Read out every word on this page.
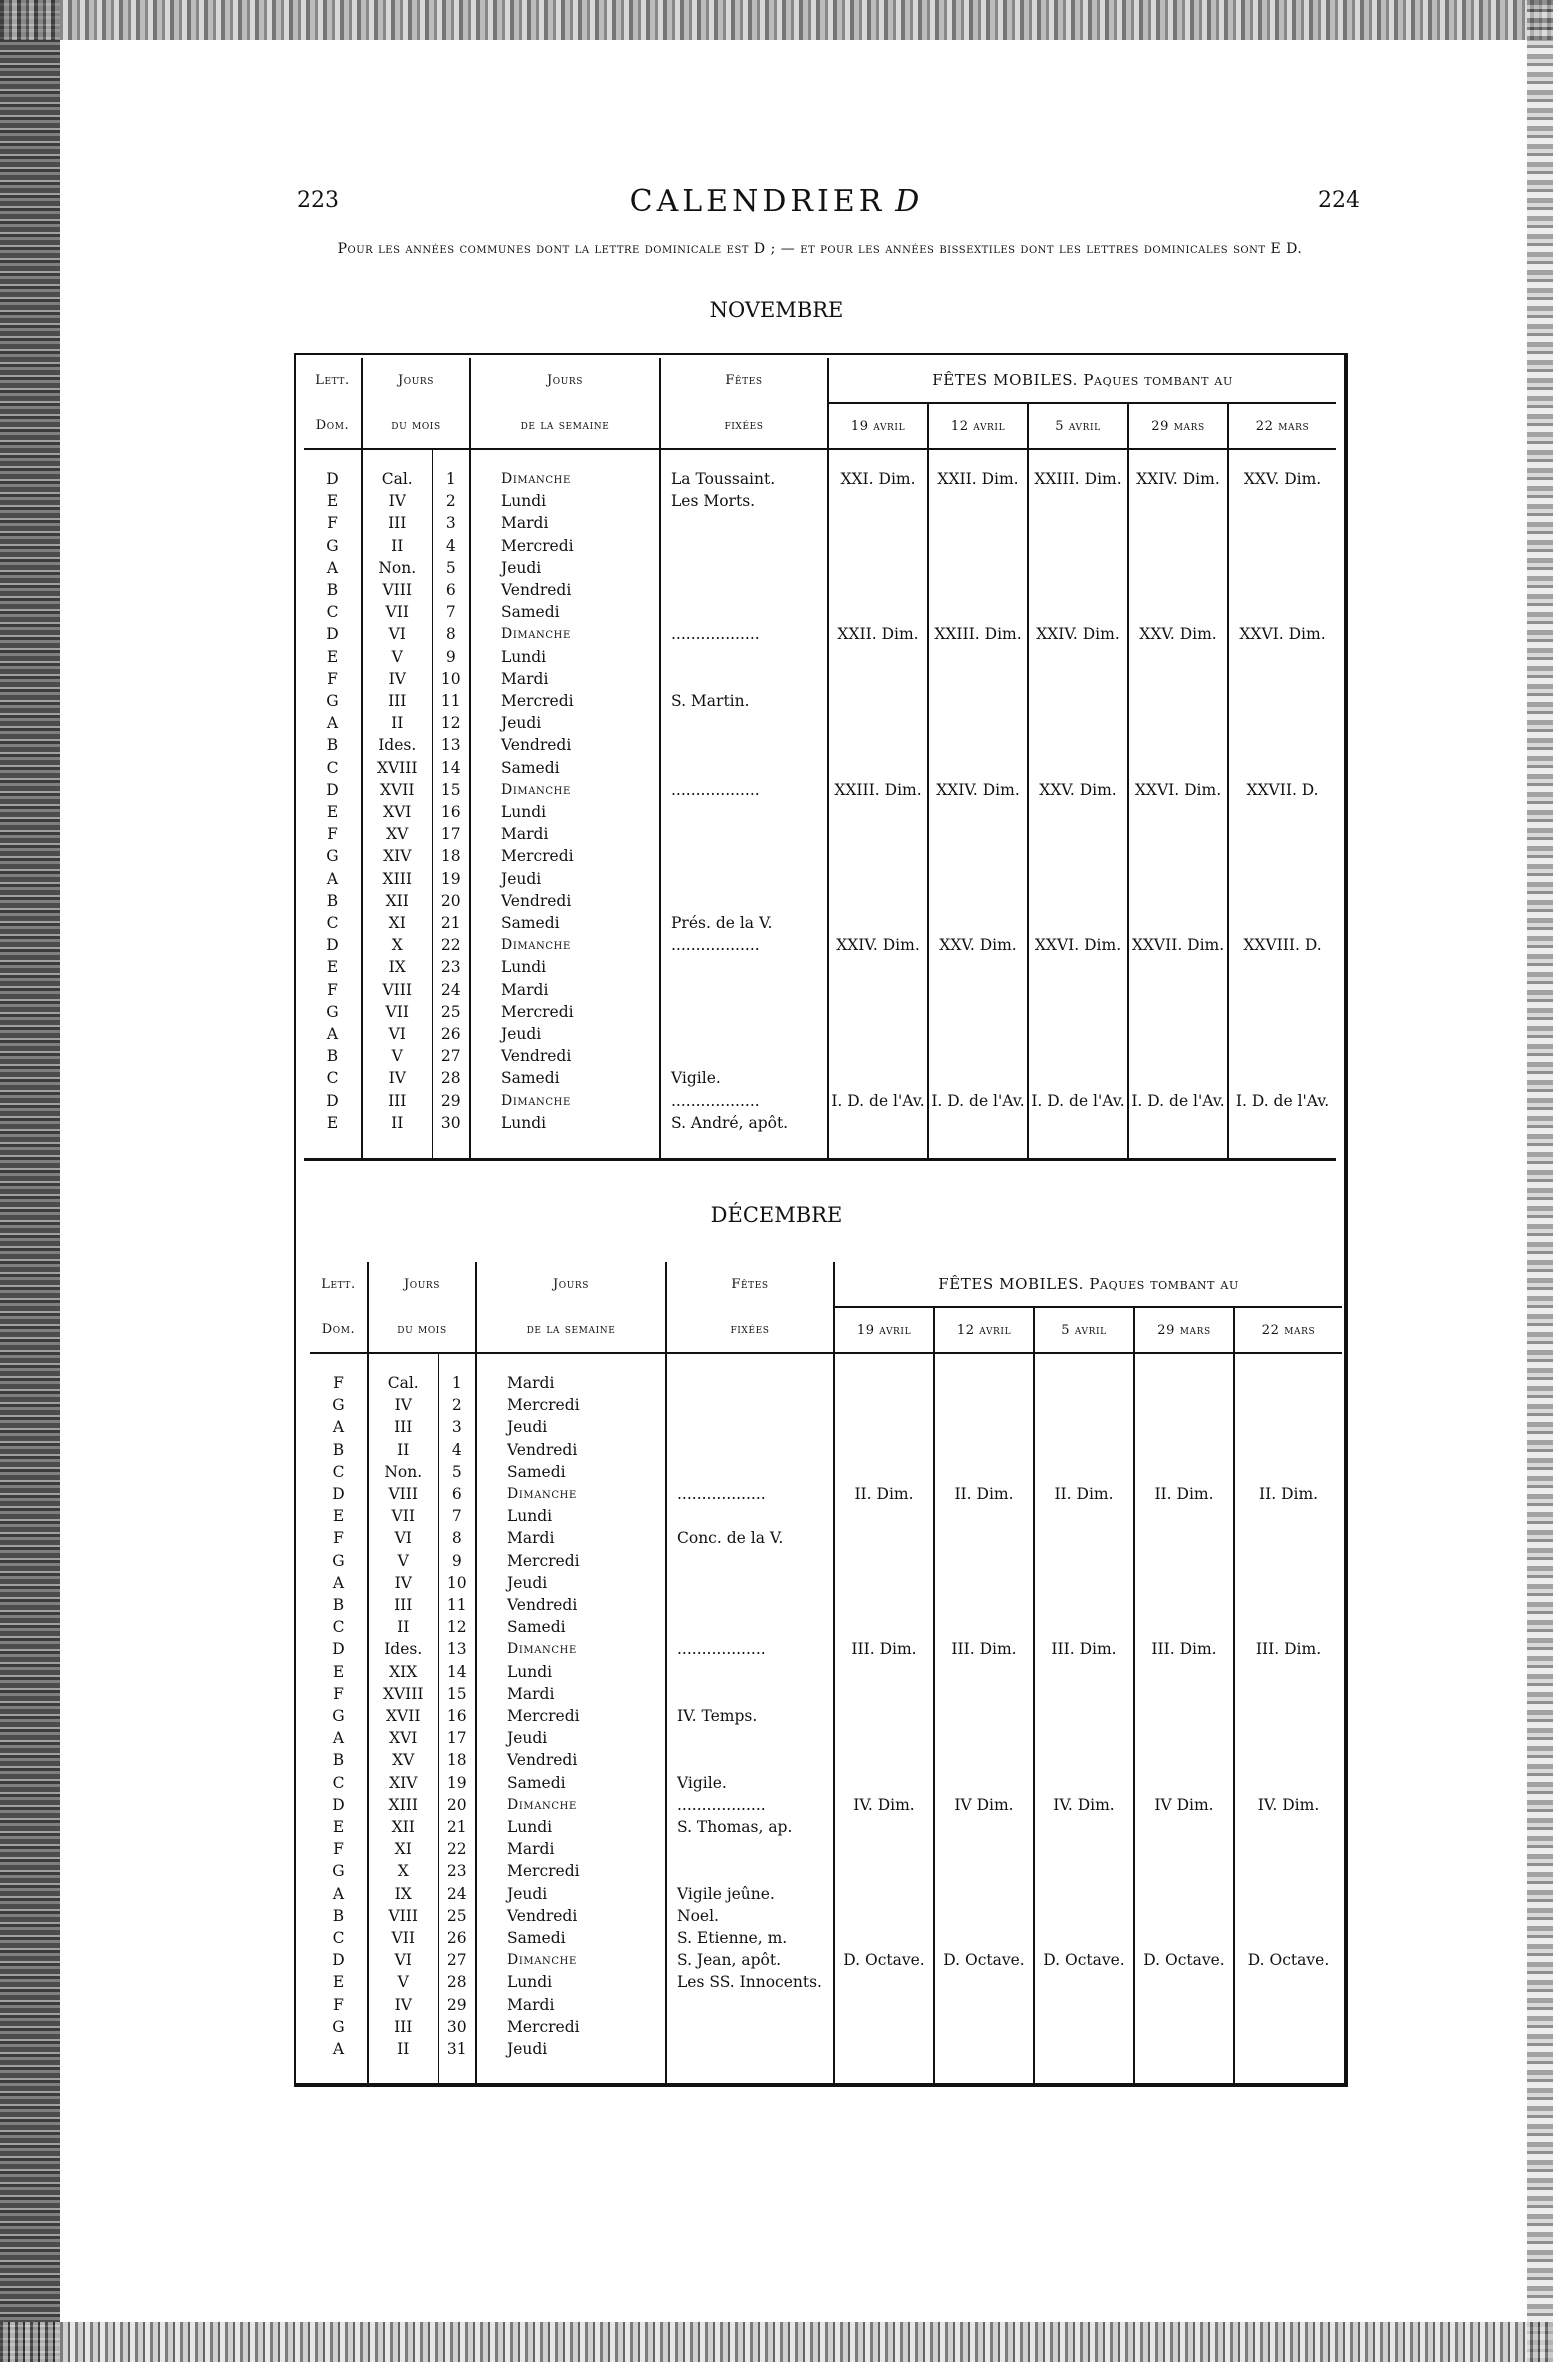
223	224
CALENDRIER D
Pour les années communes dont la lettre dominicale est D ; — et pour les années bissextiles dont les lettres dominicales sont E D.
NOVEMBRE
Lett.	Jours		Jours	Fêtes	FÊTES MOBILES. Paques tombant au				
Dom.	du mois		de la semaine	fixées	19 avril	12 avril	5 avril	29 mars	22 mars

D	Cal.	1	Dimanche	La Toussaint.	XXI. Dim.	XXII. Dim.	XXIII. Dim.	XXIV. Dim.	XXV. Dim.
E	IV	2	Lundi	Les Morts.					
F	III	3	Mardi						
G	II	4	Mercredi						
A	Non.	5	Jeudi						
B	VIII	6	Vendredi						
C	VII	7	Samedi						
D	VI	8	Dimanche	..................	XXII. Dim.	XXIII. Dim.	XXIV. Dim.	XXV. Dim.	XXVI. Dim.
E	V	9	Lundi						
F	IV	10	Mardi						
G	III	11	Mercredi	S. Martin.					
A	II	12	Jeudi						
B	Ides.	13	Vendredi						
C	XVIII	14	Samedi						
D	XVII	15	Dimanche	..................	XXIII. Dim.	XXIV. Dim.	XXV. Dim.	XXVI. Dim.	XXVII. D.
E	XVI	16	Lundi						
F	XV	17	Mardi						
G	XIV	18	Mercredi						
A	XIII	19	Jeudi						
B	XII	20	Vendredi						
C	XI	21	Samedi	Prés. de la V.					
D	X	22	Dimanche	..................	XXIV. Dim.	XXV. Dim.	XXVI. Dim.	XXVII. Dim.	XXVIII. D.
E	IX	23	Lundi						
F	VIII	24	Mardi						
G	VII	25	Mercredi						
A	VI	26	Jeudi						
B	V	27	Vendredi						
C	IV	28	Samedi	Vigile.					
D	III	29	Dimanche	..................	I. D. de l'Av.	I. D. de l'Av.	I. D. de l'Av.	I. D. de l'Av.	I. D. de l'Av.
E	II	30	Lundi	S. André, apôt.					

DÉCEMBRE
Lett.	Jours		Jours	Fêtes	FÊTES MOBILES. Paques tombant au				
Dom.	du mois		de la semaine	fixées	19 avril	12 avril	5 avril	29 mars	22 mars

F	Cal.	1	Mardi						
G	IV	2	Mercredi						
A	III	3	Jeudi						
B	II	4	Vendredi						
C	Non.	5	Samedi						
D	VIII	6	Dimanche	..................	II. Dim.	II. Dim.	II. Dim.	II. Dim.	II. Dim.
E	VII	7	Lundi						
F	VI	8	Mardi	Conc. de la V.					
G	V	9	Mercredi						
A	IV	10	Jeudi						
B	III	11	Vendredi						
C	II	12	Samedi						
D	Ides.	13	Dimanche	..................	III. Dim.	III. Dim.	III. Dim.	III. Dim.	III. Dim.
E	XIX	14	Lundi						
F	XVIII	15	Mardi						
G	XVII	16	Mercredi	IV. Temps.					
A	XVI	17	Jeudi						
B	XV	18	Vendredi						
C	XIV	19	Samedi	Vigile.					
D	XIII	20	Dimanche	..................	IV. Dim.	IV Dim.	IV. Dim.	IV Dim.	IV. Dim.
E	XII	21	Lundi	S. Thomas, ap.					
F	XI	22	Mardi						
G	X	23	Mercredi						
A	IX	24	Jeudi	Vigile jeûne.					
B	VIII	25	Vendredi	Noel.					
C	VII	26	Samedi	S. Etienne, m.					
D	VI	27	Dimanche	S. Jean, apôt.	D. Octave.	D. Octave.	D. Octave.	D. Octave.	D. Octave.
E	V	28	Lundi	Les SS. Innocents.					
F	IV	29	Mardi						
G	III	30	Mercredi						
A	II	31	Jeudi						
